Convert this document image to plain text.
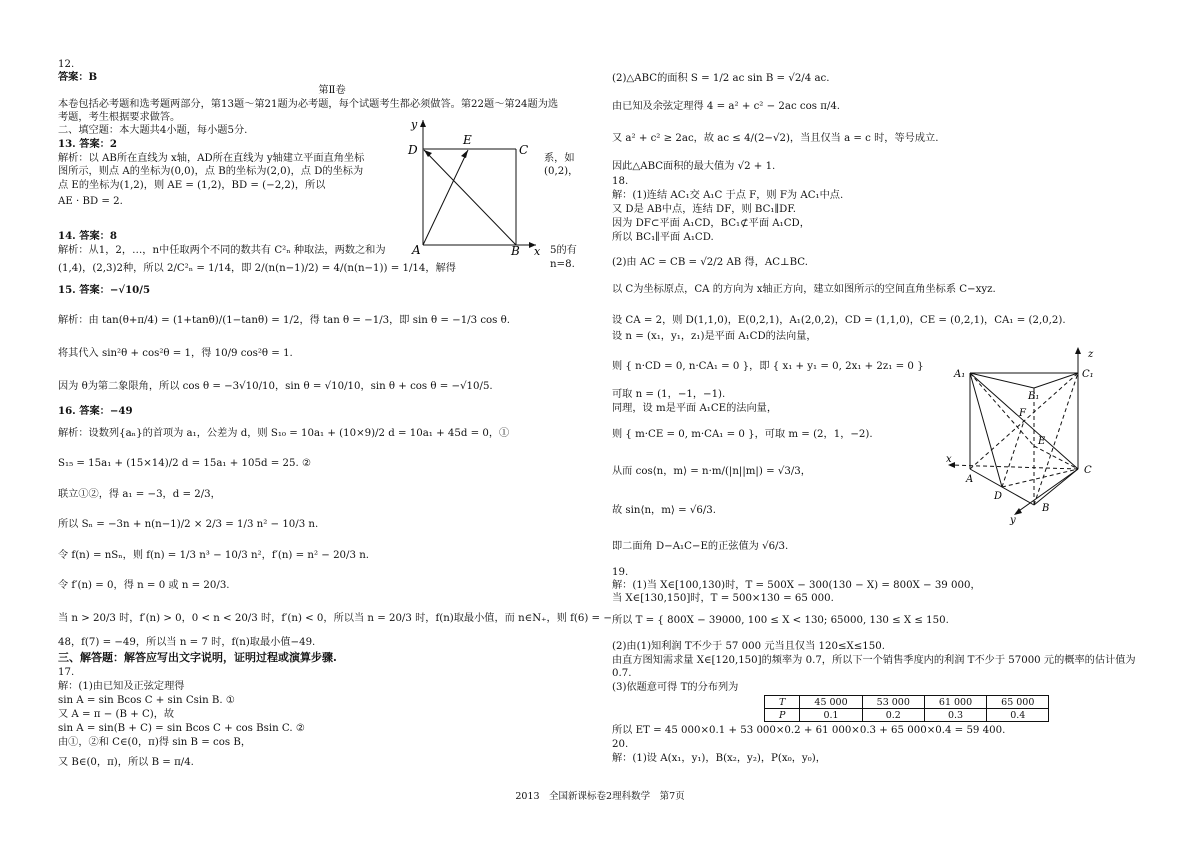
12.
答案：B
第Ⅱ卷
本卷包括必考题和选考题两部分，第13题～第21题为必考题，每个试题考生都必须做答。第22题～第24题为选
考题，考生根据要求做答。
二、填空题：本大题共4小题，每小题5分.
13. 答案：2
解析：以 AB所在直线为 x轴，AD所在直线为 y轴建立平面直角坐标	系，如
图所示，则点 A的坐标为(0,0)，点 B的坐标为(2,0)，点 D的坐标为	(0,2)，
点 E的坐标为(1,2)，则 AE = (1,2)，BD = (−2,2)，所以
AE · BD = 2.
14. 答案：8
解析：从1，2，…，n中任取两个不同的数共有 C²ₙ 种取法，两数之和为	5的有
(1,4)，(2,3)2种，所以 2/C²ₙ = 1/14，即 2/(n(n−1)/2) = 4/(n(n−1)) = 1/14，解得	n=8.
15. 答案：−√10/5
解析：由 tan(θ+π/4) = (1+tanθ)/(1−tanθ) = 1/2，得 tan θ = −1/3，即 sin θ = −1/3 cos θ.
将其代入 sin²θ + cos²θ = 1，得 10/9 cos²θ = 1.
因为 θ为第二象限角，所以 cos θ = −3√10/10，sin θ = √10/10，sin θ + cos θ = −√10/5.
16. 答案：−49
解析：设数列{aₙ}的首项为 a₁，公差为 d，则 S₁₀ = 10a₁ + (10×9)/2 d = 10a₁ + 45d = 0，①
S₁₅ = 15a₁ + (15×14)/2 d = 15a₁ + 105d = 25. ②
联立①②，得 a₁ = −3，d = 2/3，
所以 Sₙ = −3n + n(n−1)/2 × 2/3 = 1/3 n² − 10/3 n.
令 f(n) = nSₙ，则 f(n) = 1/3 n³ − 10/3 n²，f′(n) = n² − 20/3 n.
令 f′(n) = 0，得 n = 0 或 n = 20/3.
当 n > 20/3 时，f′(n) > 0，0 < n < 20/3 时，f′(n) < 0，所以当 n = 20/3 时，f(n)取最小值，而 n∈N₊，则 f(6) = −
48，f(7) = −49，所以当 n = 7 时，f(n)取最小值−49.
三、解答题：解答应写出文字说明，证明过程或演算步骤.
17.
解：(1)由已知及正弦定理得
sin A = sin Bcos C + sin Csin B. ①
又 A = π − (B + C)，故
sin A = sin(B + C) = sin Bcos C + cos Bsin C. ②
由①，②和 C∈(0，π)得 sin B = cos B，
又 B∈(0，π)，所以 B = π/4.
y
D
E
C
A	B x
(2)△ABC的面积 S = 1/2 ac sin B = √2/4 ac.
由已知及余弦定理得 4 = a² + c² − 2ac cos π/4.
又 a² + c² ≥ 2ac，故 ac ≤ 4/(2−√2)，当且仅当 a = c 时，等号成立.
因此△ABC面积的最大值为 √2 + 1.
18.
解：(1)连结 AC₁交 A₁C 于点 F，则 F为 AC₁中点.
又 D是 AB中点，连结 DF，则 BC₁∥DF.
因为 DF⊂平面 A₁CD，BC₁⊄平面 A₁CD，
所以 BC₁∥平面 A₁CD.
(2)由 AC = CB = √2/2 AB 得，AC⊥BC.
以 C为坐标原点，CA 的方向为 x轴正方向，建立如图所示的空间直角坐标系 C−xyz.
设 CA = 2，则 D(1,1,0)，E(0,2,1)，A₁(2,0,2)，CD = (1,1,0)，CE = (0,2,1)，CA₁ = (2,0,2).
设 n = (x₁，y₁，z₁)是平面 A₁CD的法向量，
则 { n·CD = 0, n·CA₁ = 0 }，即 { x₁ + y₁ = 0, 2x₁ + 2z₁ = 0 }
可取 n = (1，−1，−1).
同理，设 m是平面 A₁CE的法向量，
则 { m·CE = 0, m·CA₁ = 0 }，可取 m = (2，1，−2).
从而 cos⟨n，m⟩ = n·m/(|n||m|) = √3/3，
故 sin⟨n，m⟩ = √6/3.
即二面角 D−A₁C−E的正弦值为 √6/3.
19.
解：(1)当 X∈[100,130)时，T = 500X − 300(130 − X) = 800X − 39 000，
当 X∈[130,150]时，T = 500×130 = 65 000.
所以 T = { 800X − 39000, 100 ≤ X < 130; 65000, 130 ≤ X ≤ 150.
(2)由(1)知利润 T不少于 57 000 元当且仅当 120≤X≤150.
由直方图知需求量 X∈[120,150]的频率为 0.7，所以下一个销售季度内的利润 T不少于 57000 元的概率的估计值为
0.7.
(3)依题意可得 T的分布列为
T	45 000	53 000	61 000	65 000
P	0.1	0.2	0.3	0.4
所以 ET = 45 000×0.1 + 53 000×0.2 + 61 000×0.3 + 65 000×0.4 = 59 400.
20.
解：(1)设 A(x₁，y₁)，B(x₂，y₂)，P(x₀，y₀)，
z
A₁
B₁
C₁
F
E
x
A
D
C
B
y
2013　全国新课标卷2理科数学　第7页
